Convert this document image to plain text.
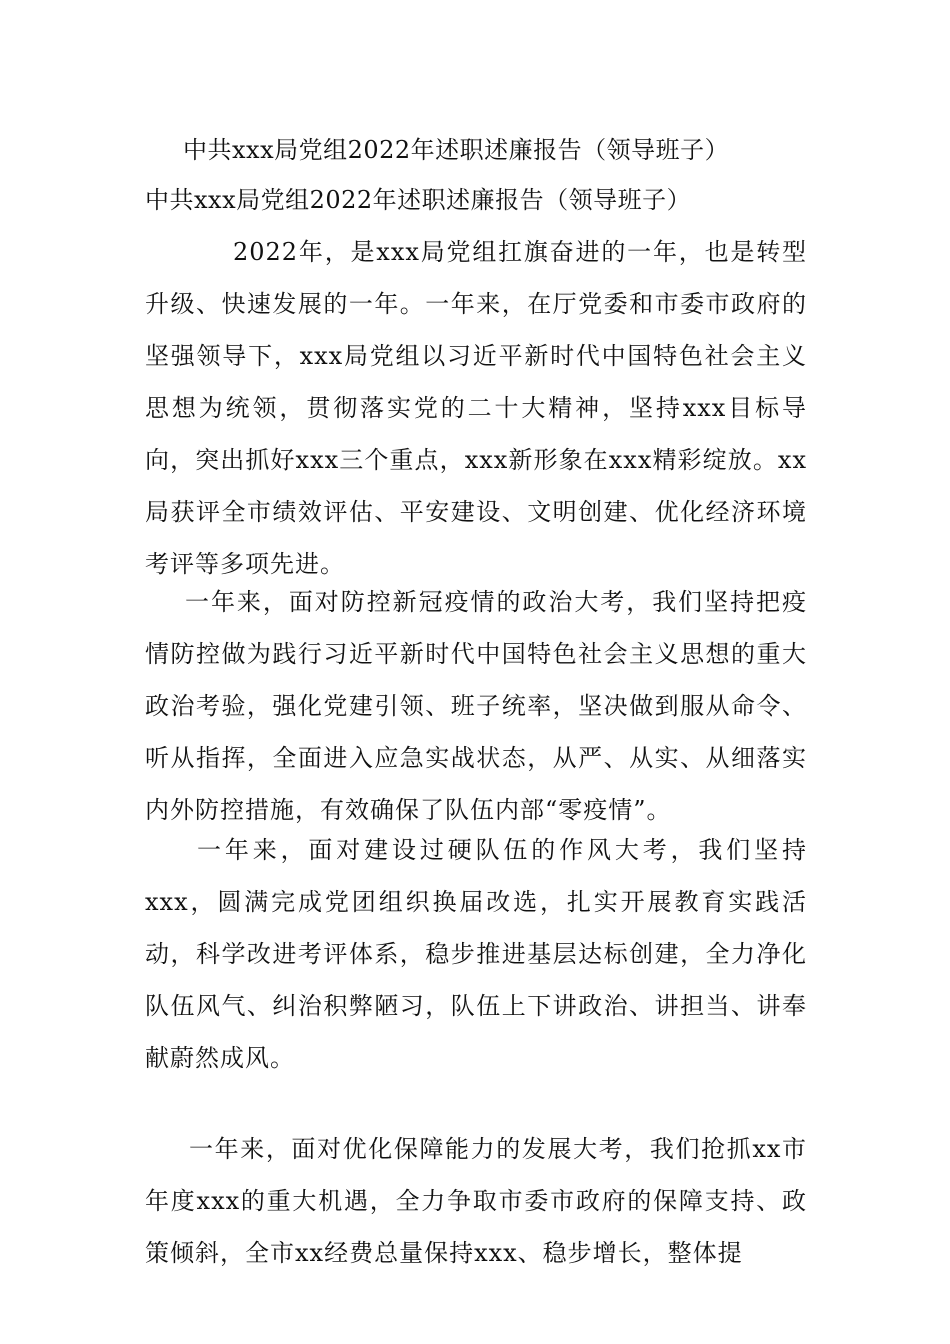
中共xxx局党组2022年述职述廉报告（领导班子）
中共xxx局党组2022年述职述廉报告（领导班子）

2022年，是xxx局党组扛旗奋进的一年，也是转型升级、快速发展的一年。一年来，在厅党委和市委市政府的坚强领导下，xxx局党组以习近平新时代中国特色社会主义思想为统领，贯彻落实党的二十大精神，坚持xxx目标导向，突出抓好xxx三个重点，xxx新形象在xxx精彩绽放。xx局获评全市绩效评估、平安建设、文明创建、优化经济环境考评等多项先进。

一年来，面对防控新冠疫情的政治大考，我们坚持把疫情防控做为践行习近平新时代中国特色社会主义思想的重大政治考验，强化党建引领、班子统率，坚决做到服从命令、听从指挥，全面进入应急实战状态，从严、从实、从细落实内外防控措施，有效确保了队伍内部“零疫情”。

一年来，面对建设过硬队伍的作风大考，我们坚持xxx，圆满完成党团组织换届改选，扎实开展教育实践活动，科学改进考评体系，稳步推进基层达标创建，全力净化队伍风气、纠治积弊陋习，队伍上下讲政治、讲担当、讲奉献蔚然成风。

一年来，面对优化保障能力的发展大考，我们抢抓xx市年度xxx的重大机遇，全力争取市委市政府的保障支持、政策倾斜，全市xx经费总量保持xxx、稳步增长，整体提
